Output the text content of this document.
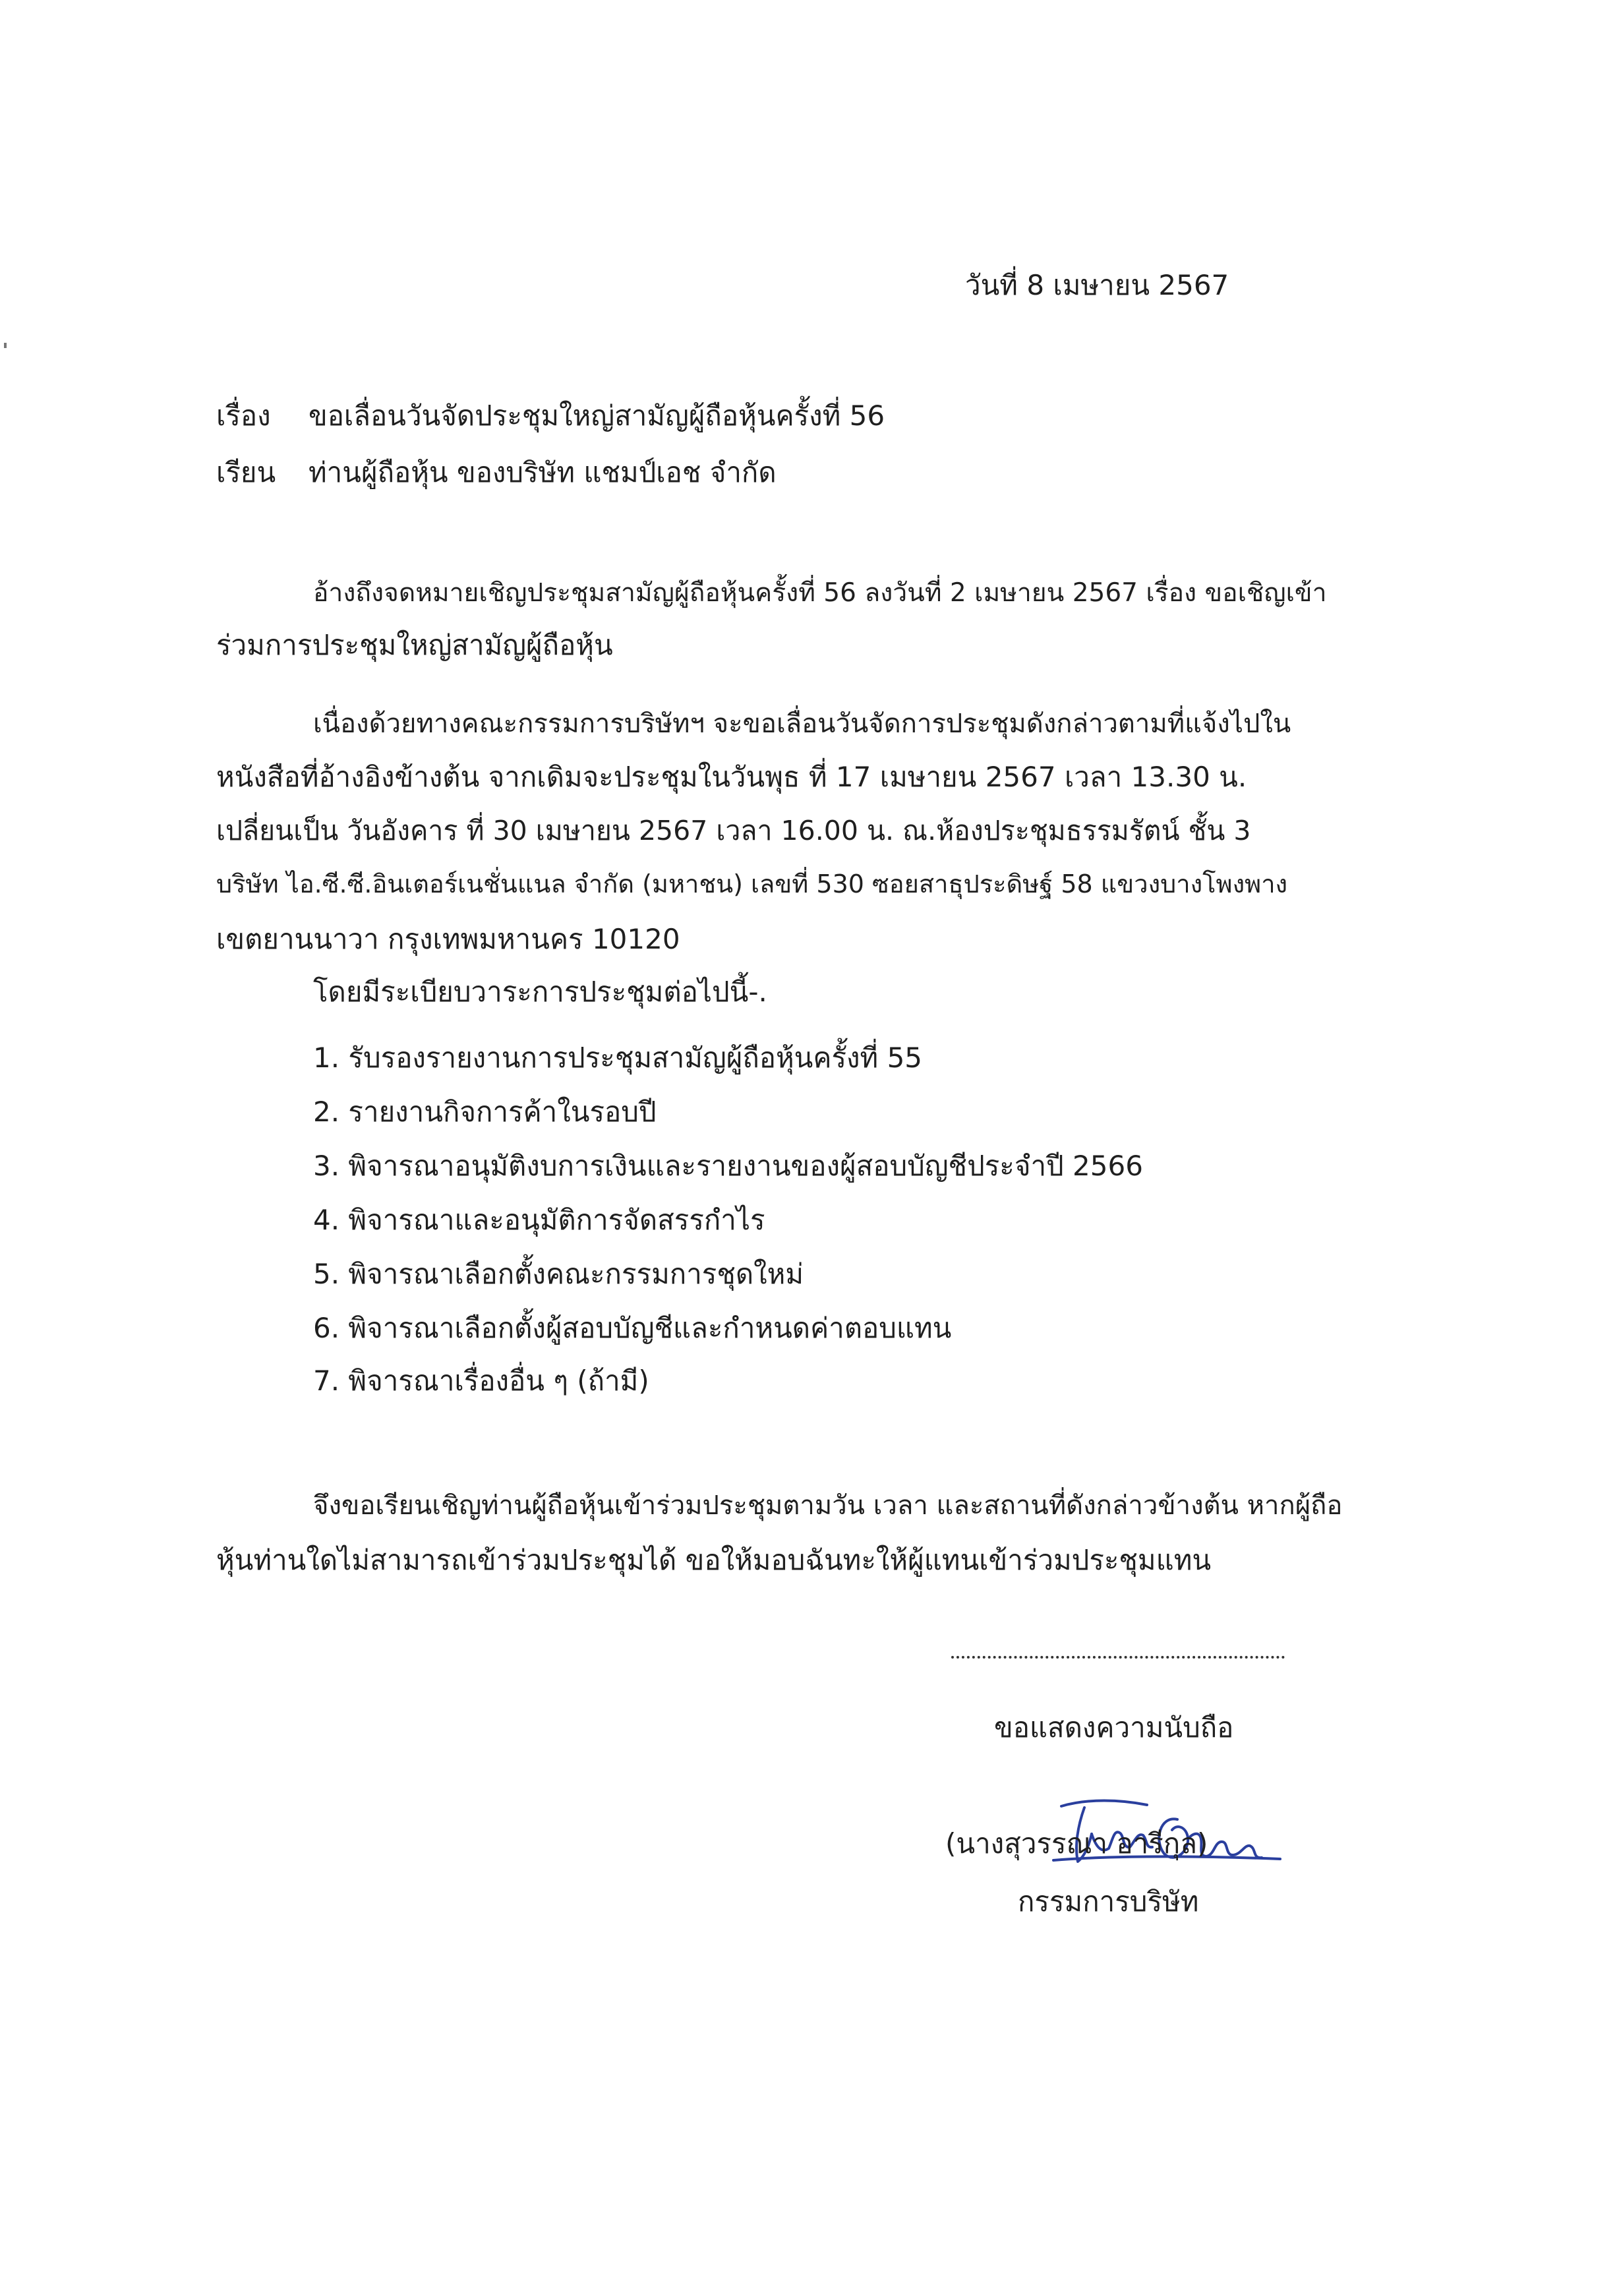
วันที่ 8 เมษายน 2567
เรื่อง ขอเลื่อนวันจัดประชุมใหญ่สามัญผู้ถือหุ้นครั้งที่ 56
เรียน ท่านผู้ถือหุ้น ของบริษัท แชมป์เอช จำกัด
อ้างถึงจดหมายเชิญประชุมสามัญผู้ถือหุ้นครั้งที่ 56 ลงวันที่ 2 เมษายน 2567 เรื่อง ขอเชิญเข้า
ร่วมการประชุมใหญ่สามัญผู้ถือหุ้น
เนื่องด้วยทางคณะกรรมการบริษัทฯ จะขอเลื่อนวันจัดการประชุมดังกล่าวตามที่แจ้งไปใน
หนังสือที่อ้างอิงข้างต้น จากเดิมจะประชุมในวันพุธ ที่ 17 เมษายน 2567 เวลา 13.30 น.
เปลี่ยนเป็น วันอังคาร ที่ 30 เมษายน 2567 เวลา 16.00 น. ณ.ห้องประชุมธรรมรัตน์ ชั้น 3
บริษัท ไอ.ซี.ซี.อินเตอร์เนชั่นแนล จำกัด (มหาชน) เลขที่ 530 ซอยสาธุประดิษฐ์ 58 แขวงบางโพงพาง
เขตยานนาวา กรุงเทพมหานคร 10120
โดยมีระเบียบวาระการประชุมต่อไปนี้-.
1. รับรองรายงานการประชุมสามัญผู้ถือหุ้นครั้งที่ 55
2. รายงานกิจการค้าในรอบปี
3. พิจารณาอนุมัติงบการเงินและรายงานของผู้สอบบัญชีประจำปี 2566
4. พิจารณาและอนุมัติการจัดสรรกำไร
5. พิจารณาเลือกตั้งคณะกรรมการชุดใหม่
6. พิจารณาเลือกตั้งผู้สอบบัญชีและกำหนดค่าตอบแทน
7. พิจารณาเรื่องอื่น ๆ (ถ้ามี)
จึงขอเรียนเชิญท่านผู้ถือหุ้นเข้าร่วมประชุมตามวัน เวลา และสถานที่ดังกล่าวข้างต้น หากผู้ถือ
หุ้นท่านใดไม่สามารถเข้าร่วมประชุมได้ ขอให้มอบฉันทะให้ผู้แทนเข้าร่วมประชุมแทน
ขอแสดงความนับถือ
(นางสุวรรณา อารีกุล)
กรรมการบริษัท
